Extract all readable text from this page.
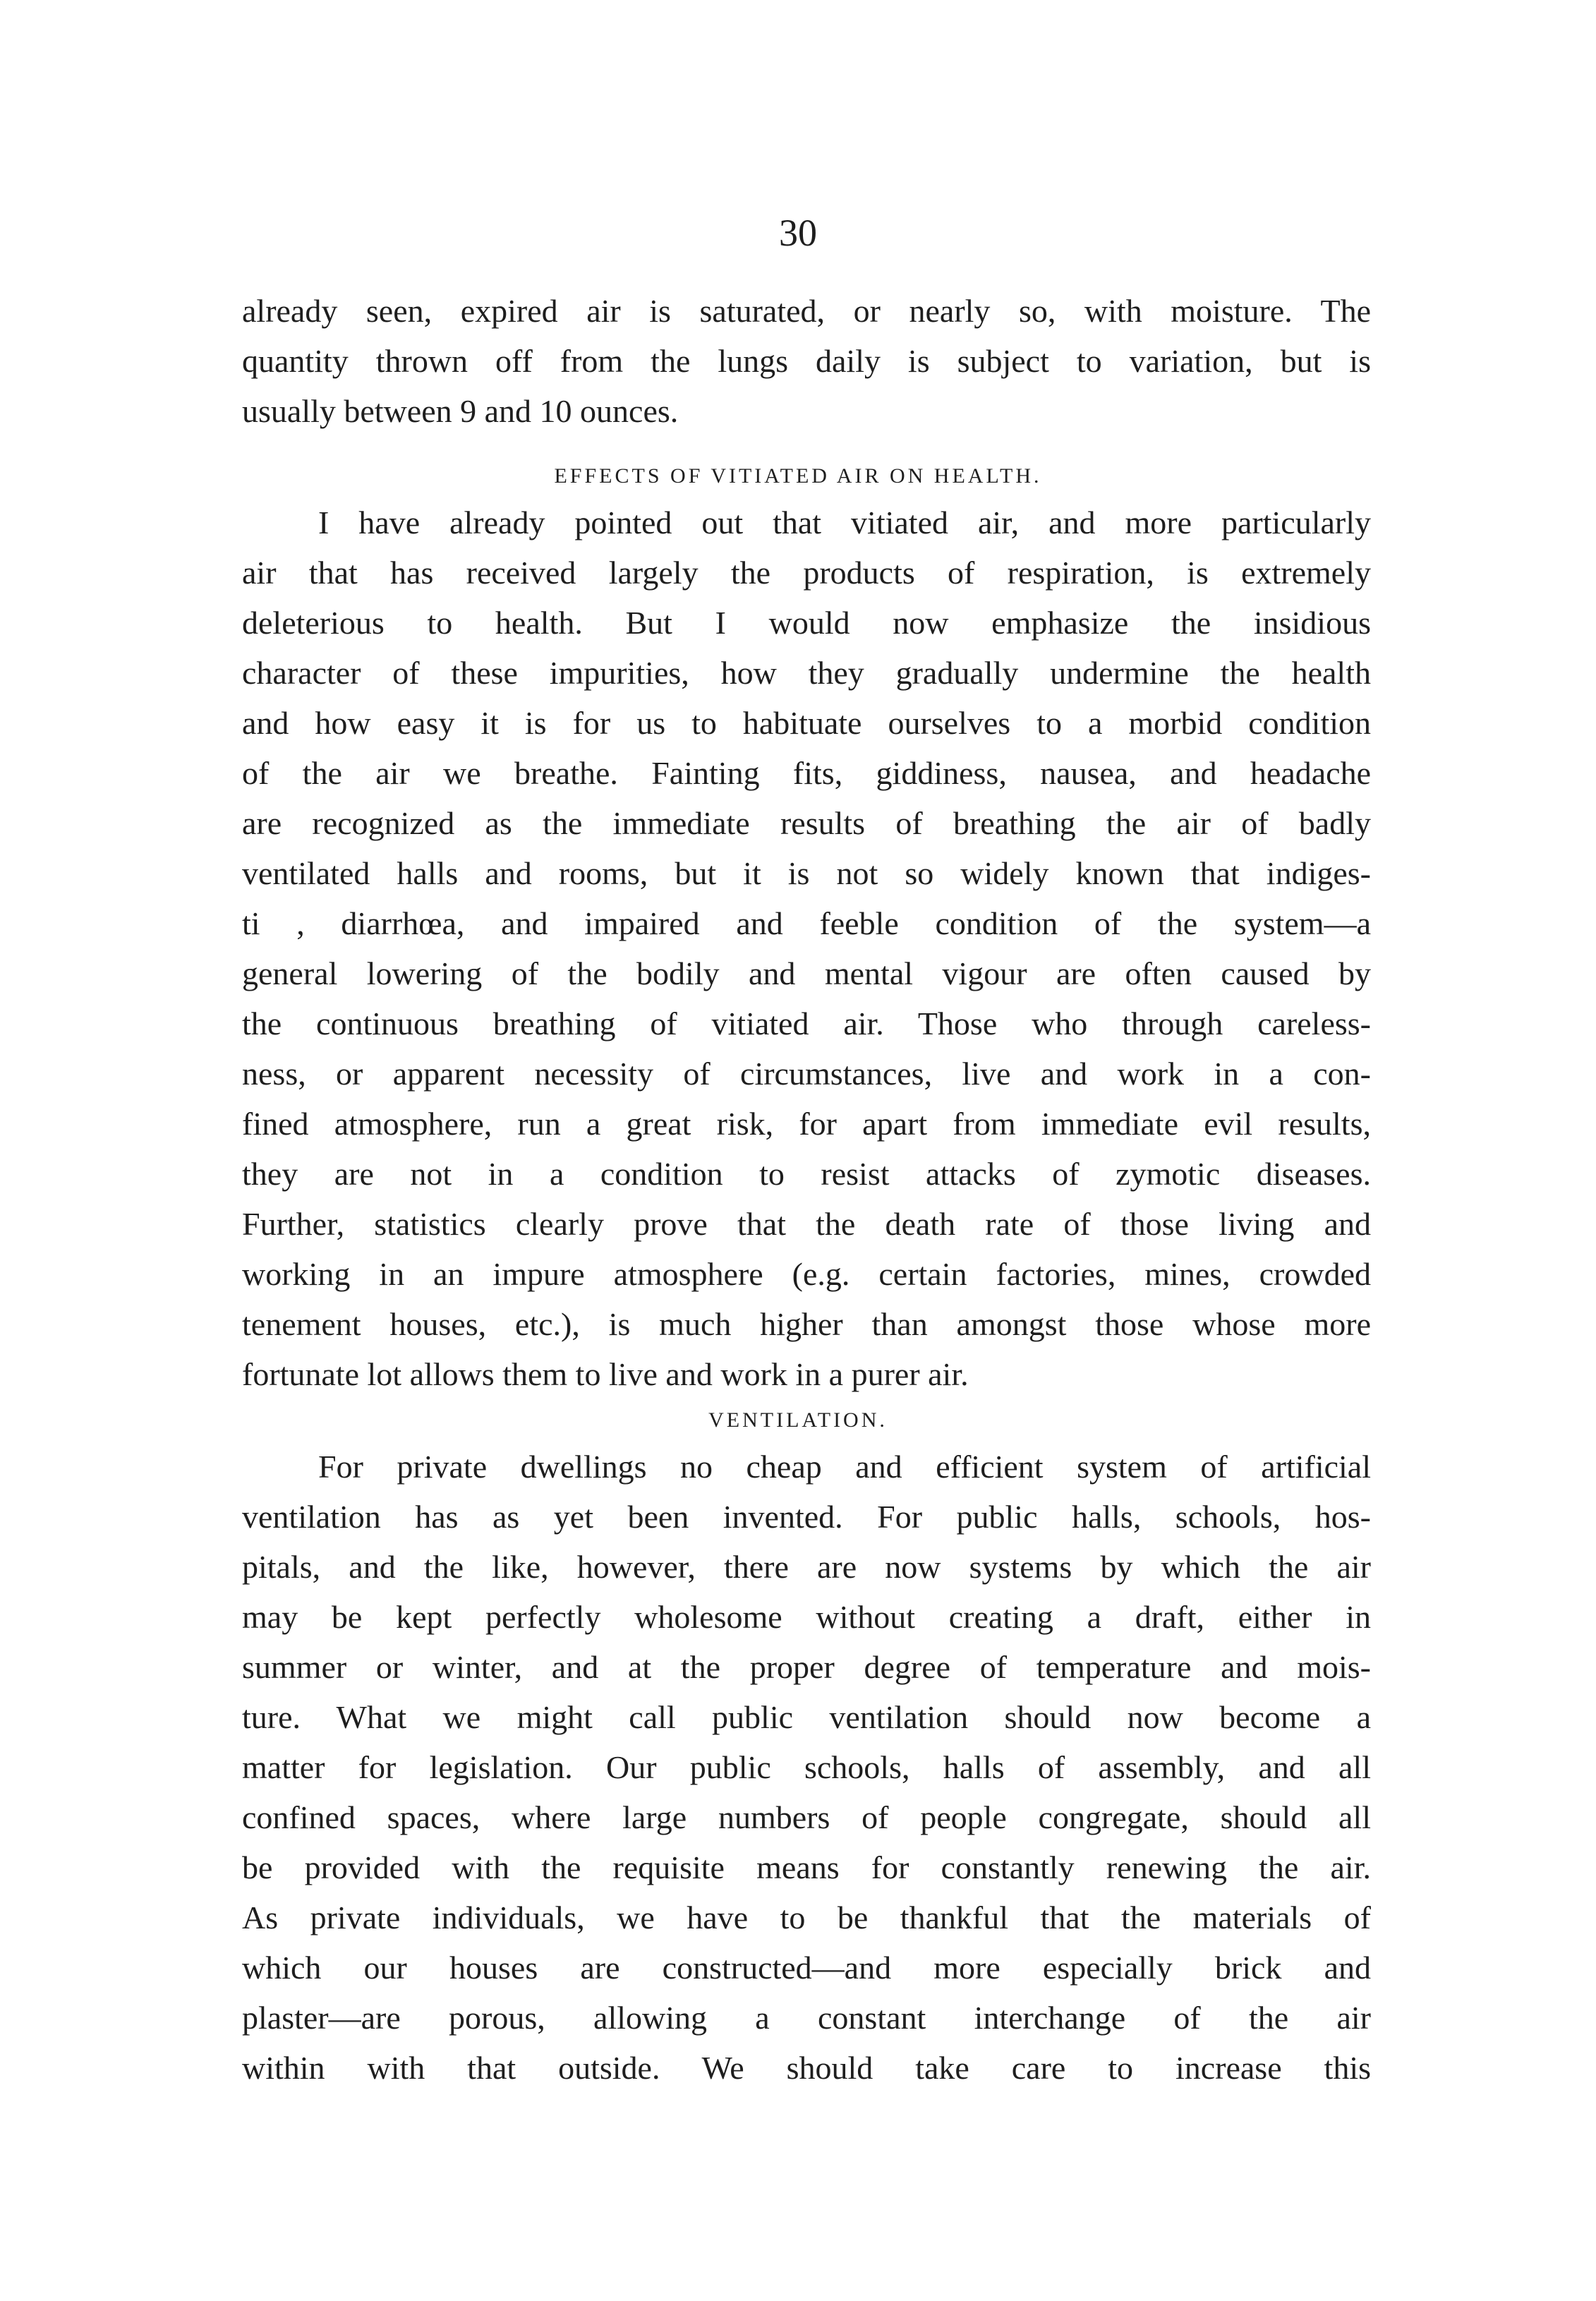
30
already seen, expired air is saturated, or nearly so, with moisture. The
quantity thrown off from the lungs daily is subject to variation, but is
usually between 9 and 10 ounces.
EFFECTS OF VITIATED AIR ON HEALTH.
I have already pointed out that vitiated air, and more particularly
air that has received largely the products of respiration, is extremely
deleterious to health. But I would now emphasize the insidious
character of these impurities, how they gradually undermine the health
and how easy it is for us to habituate ourselves to a morbid condition
of the air we breathe. Fainting fits, giddiness, nausea, and headache
are recognized as the immediate results of breathing the air of badly
ventilated halls and rooms, but it is not so widely known that indiges-
ti , diarrhœa, and impaired and feeble condition of the system—a
general lowering of the bodily and mental vigour are often caused by
the continuous breathing of vitiated air. Those who through careless-
ness, or apparent necessity of circumstances, live and work in a con-
fined atmosphere, run a great risk, for apart from immediate evil results,
they are not in a condition to resist attacks of zymotic diseases.
Further, statistics clearly prove that the death rate of those living and
working in an impure atmosphere (e.g. certain factories, mines, crowded
tenement houses, etc.), is much higher than amongst those whose more
fortunate lot allows them to live and work in a purer air.
VENTILATION.
For private dwellings no cheap and efficient system of artificial
ventilation has as yet been invented. For public halls, schools, hos-
pitals, and the like, however, there are now systems by which the air
may be kept perfectly wholesome without creating a draft, either in
summer or winter, and at the proper degree of temperature and mois-
ture. What we might call public ventilation should now become a
matter for legislation. Our public schools, halls of assembly, and all
confined spaces, where large numbers of people congregate, should all
be provided with the requisite means for constantly renewing the air.
As private individuals, we have to be thankful that the materials of
which our houses are constructed—and more especially brick and
plaster—are porous, allowing a constant interchange of the air
within with that outside. We should take care to increase this
